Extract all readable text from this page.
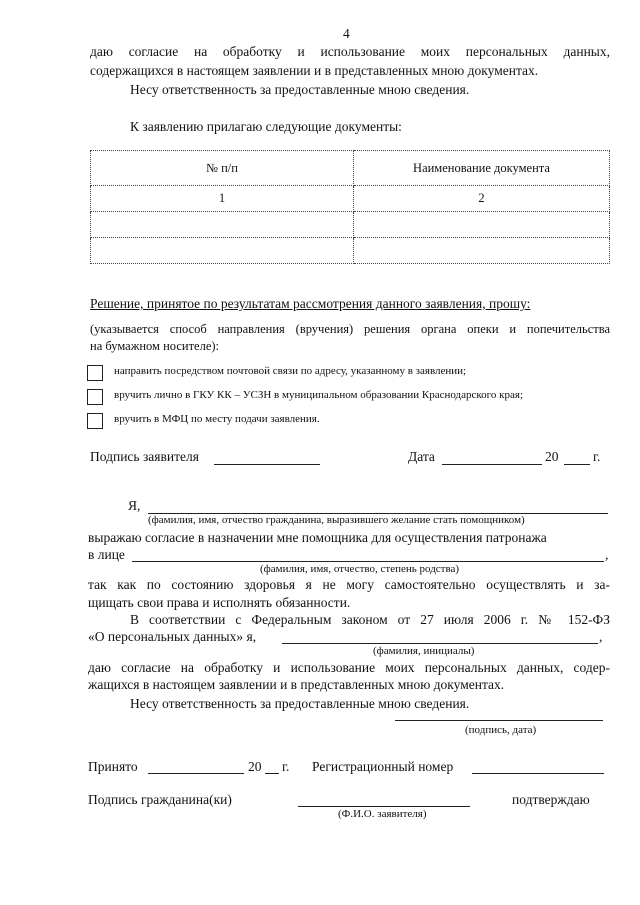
4
даю согласие на обработку и использование моих персональных данных,
содержащихся в настоящем заявлении и в представленных мною документах.
Несу ответственность за предоставленные мною сведения.
К заявлению прилагаю следующие документы:
№ п/п	Наименование документа
1	2

Решение, принятое по результатам рассмотрения данного заявления, прошу:
(указывается способ направления (вручения) решения органа опеки и попечительства
на бумажном носителе):
направить посредством почтовой связи по адресу, указанному в заявлении;
вручить лично в ГКУ КК – УСЗН в муниципальном образовании Краснодарского края;
вручить в МФЦ по месту подачи заявления.
Подпись заявителя	Дата	20	г.
Я,
(фамилия, имя, отчество гражданина, выразившего желание стать помощником)
выражаю согласие в назначении мне помощника для осуществления патронажа
в лице	,
(фамилия, имя, отчество, степень родства)
так как по состоянию здоровья я не могу самостоятельно осуществлять и за-
щищать свои права и исполнять обязанности.
В соответствии с Федеральным законом от 27 июля 2006 г. № 152-ФЗ
«О персональных данных» я,	,
(фамилия, инициалы)
даю согласие на обработку и использование моих персональных данных, содер-
жащихся в настоящем заявлении и в представленных мною документах.
Несу ответственность за предоставленные мною сведения.
(подпись, дата)
Принято	20 г. Регистрационный номер
Подпись гражданина(ки)	подтверждаю
(Ф.И.О. заявителя)
